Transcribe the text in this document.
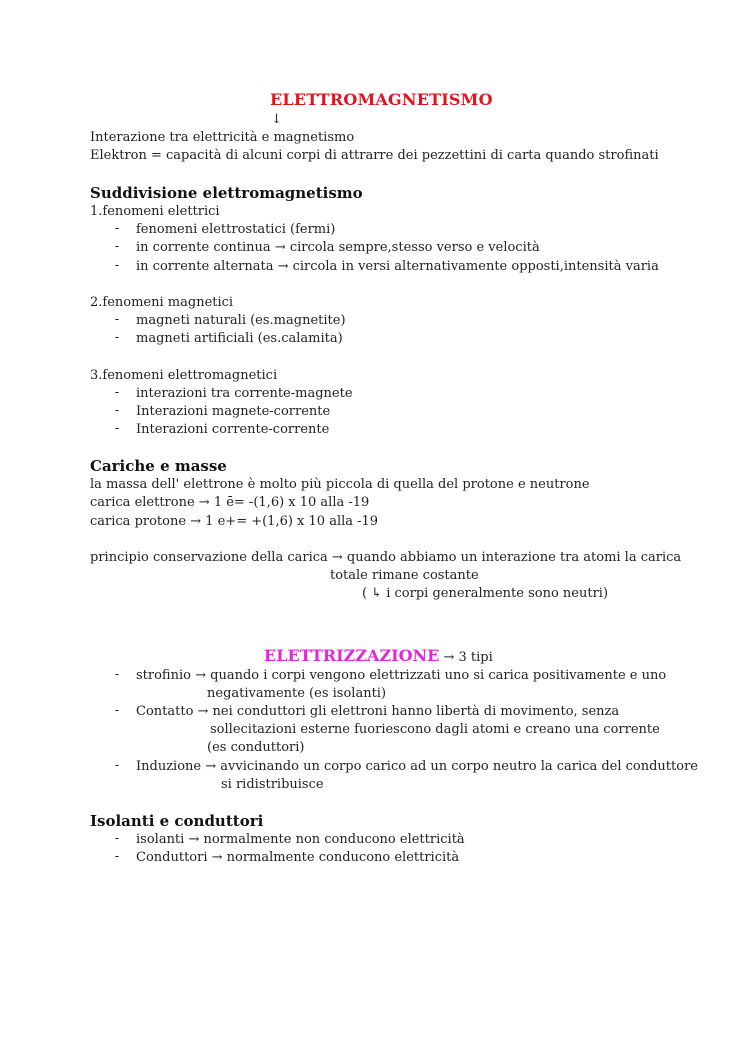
ELETTROMAGNETISMO
↓
Interazione tra elettricità e magnetismo
Elektron = capacità di alcuni corpi di attrarre dei pezzettini di carta quando strofinati
Suddivisione elettromagnetismo
1.fenomeni elettrici
- fenomeni elettrostatici (fermi)
- in corrente continua → circola sempre,stesso verso e velocità
- in corrente alternata → circola in versi alternativamente opposti,intensità varia
2.fenomeni magnetici
- magneti naturali (es.magnetite)
- magneti artificiali (es.calamita)
3.fenomeni elettromagnetici
- interazioni tra corrente-magnete
- Interazioni magnete-corrente
- Interazioni corrente-corrente
Cariche e masse
la massa dell' elettrone è molto più piccola di quella del protone e neutrone
carica elettrone → 1 ē= -(1,6) x 10 alla -19
carica protone → 1 e+= +(1,6) x 10 alla -19
principio conservazione della carica → quando abbiamo un interazione tra atomi la carica
totale rimane costante
( ↳ i corpi generalmente sono neutri)
ELETTRIZZAZIONE → 3 tipi
- strofinio → quando i corpi vengono elettrizzati uno si carica positivamente e uno
negativamente (es isolanti)
- Contatto → nei conduttori gli elettroni hanno libertà di movimento, senza
sollecitazioni esterne fuoriescono dagli atomi e creano una corrente
(es conduttori)
- Induzione → avvicinando un corpo carico ad un corpo neutro la carica del conduttore
si ridistribuisce
Isolanti e conduttori
- isolanti → normalmente non conducono elettricità
- Conduttori → normalmente conducono elettricità
